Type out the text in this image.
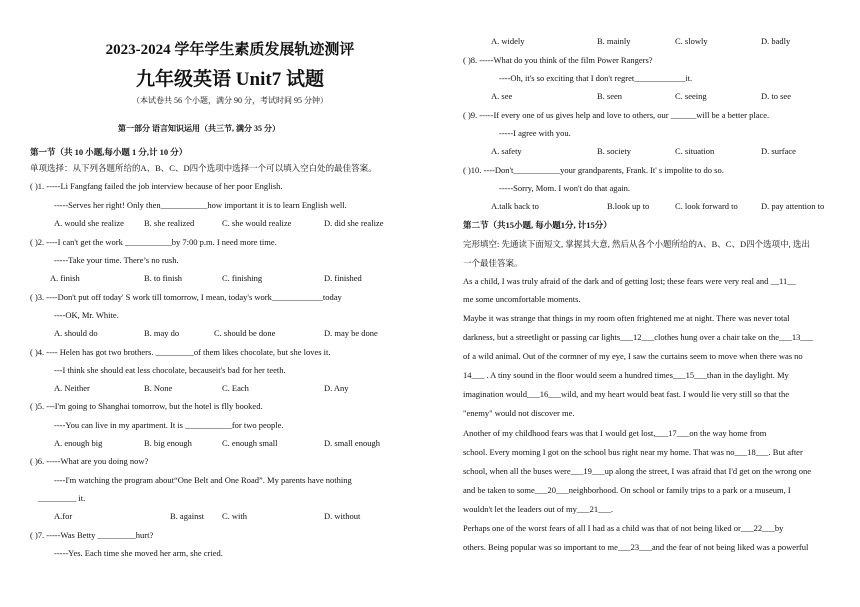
2023-2024 学年学生素质发展轨迹测评
九年级英语 Unit7 试题
（本试卷共 56 个小题，满分 90 分，考试时间 95 分钟）
第一部分 语言知识运用（共三节, 满分 35 分）
第一节（共 10 小题,每小题 1 分,计 10 分）
单项选择：从下列各题所给的A、B、C、D四个选项中选择一个可以填入空白处的最佳答案。
( )1. -----Li Fangfang failed the job interview because of her poor English.
-----Serves her right! Only then___________how important it is to learn English well.
A. would she realize B. she realized	C. she would realize	D. did she realize
( )2. ----I can't get the work ___________by 7:00 p.m. I need more time.
-----Take your time. There’s no rush.
A. finish	B. to finish	C. finishing	D. finished
( )3. ----Don't put off today' S work till tomorrow, I mean, today's work____________today
----OK, Mr. White.
A. should do	B. may do	C. should be done	D. may be done
( )4. ---- Helen has got two brothers. _________of them likes chocolate, but she loves it.
---I think she should eat less chocolate, becauseit's bad for her teeth.
A. Neither	B. None	C. Each	D. Any
( )5. ---I'm going to Shanghai tomorrow, but the hotel is flly booked.
----You can live in my apartment. It is ___________for two people.
A. enough big	B. big enough	C. enough small	D. small enough
( )6. -----What are you doing now?
----I'm watching the program about“One Belt and One Road”. My parents have nothing
_________ it.
A.for	B. against C. with	D. without
( )7. -----Was Betty _________hurt?
-----Yes. Each time she moved her arm, she cried.
A. widely	B. mainly	C. slowly	D. badly
( )8. -----What do you think of the film Power Rangers?
----Oh, it's so exciting that I don't regret____________it.
A. see	B. seen	C. seeing	D. to see
( )9. -----If every one of us gives help and love to others, our ______will be a better place.
-----I agree with you.
A. safety	B. society	C. situation	D. surface
( )10. ----Don't___________your grandparents, Frank. It' s impolite to do so.
-----Sorry, Mom. I won't do that again.
A.talk back to	B.look up to	C. look forward to	D. pay attention to
第二节（共15小题, 每小题1分, 计15分）
完形填空: 先通读下面短文, 掌握其大意, 然后从各个小题所给的A、B、C、D四个选项中, 选出
一个最佳答案。
As a child, I was truly afraid of the dark and of getting lost; these fears were very real and __11__
me some uncomfortable moments.
Maybe it was strange that things in my room often frightened me at night. There was never total
darkness, but a streetlight or passing car lights___12___clothes hung over a chair take on the___13___
of a wild animal. Out of the cormner of my eye, I saw the curtains seem to move when there was no
14___ . A tiny sound in the floor would seem a hundred times___15___than in the daylight. My
imagination would___16___wild, and my heart would beat fast. I would lie very still so that the
"enemy" would not discover me.
Another of my childhood fears was that I would get lost,___17___on the way home from
school. Every morning I got on the school bus right near my home. That was no___18___. But after
school, when all the buses were___19___up along the street, I was afraid that I'd get on the wrong one
and be taken to some___20___neighborhood. On school or family trips to a park or a museum, I
wouldn't let the leaders out of my___21___.
Perhaps one of the worst fears of all I had as a child was that of not being liked or___22___by
others. Being popular was so important to me___23___and the fear of not being liked was a powerful
